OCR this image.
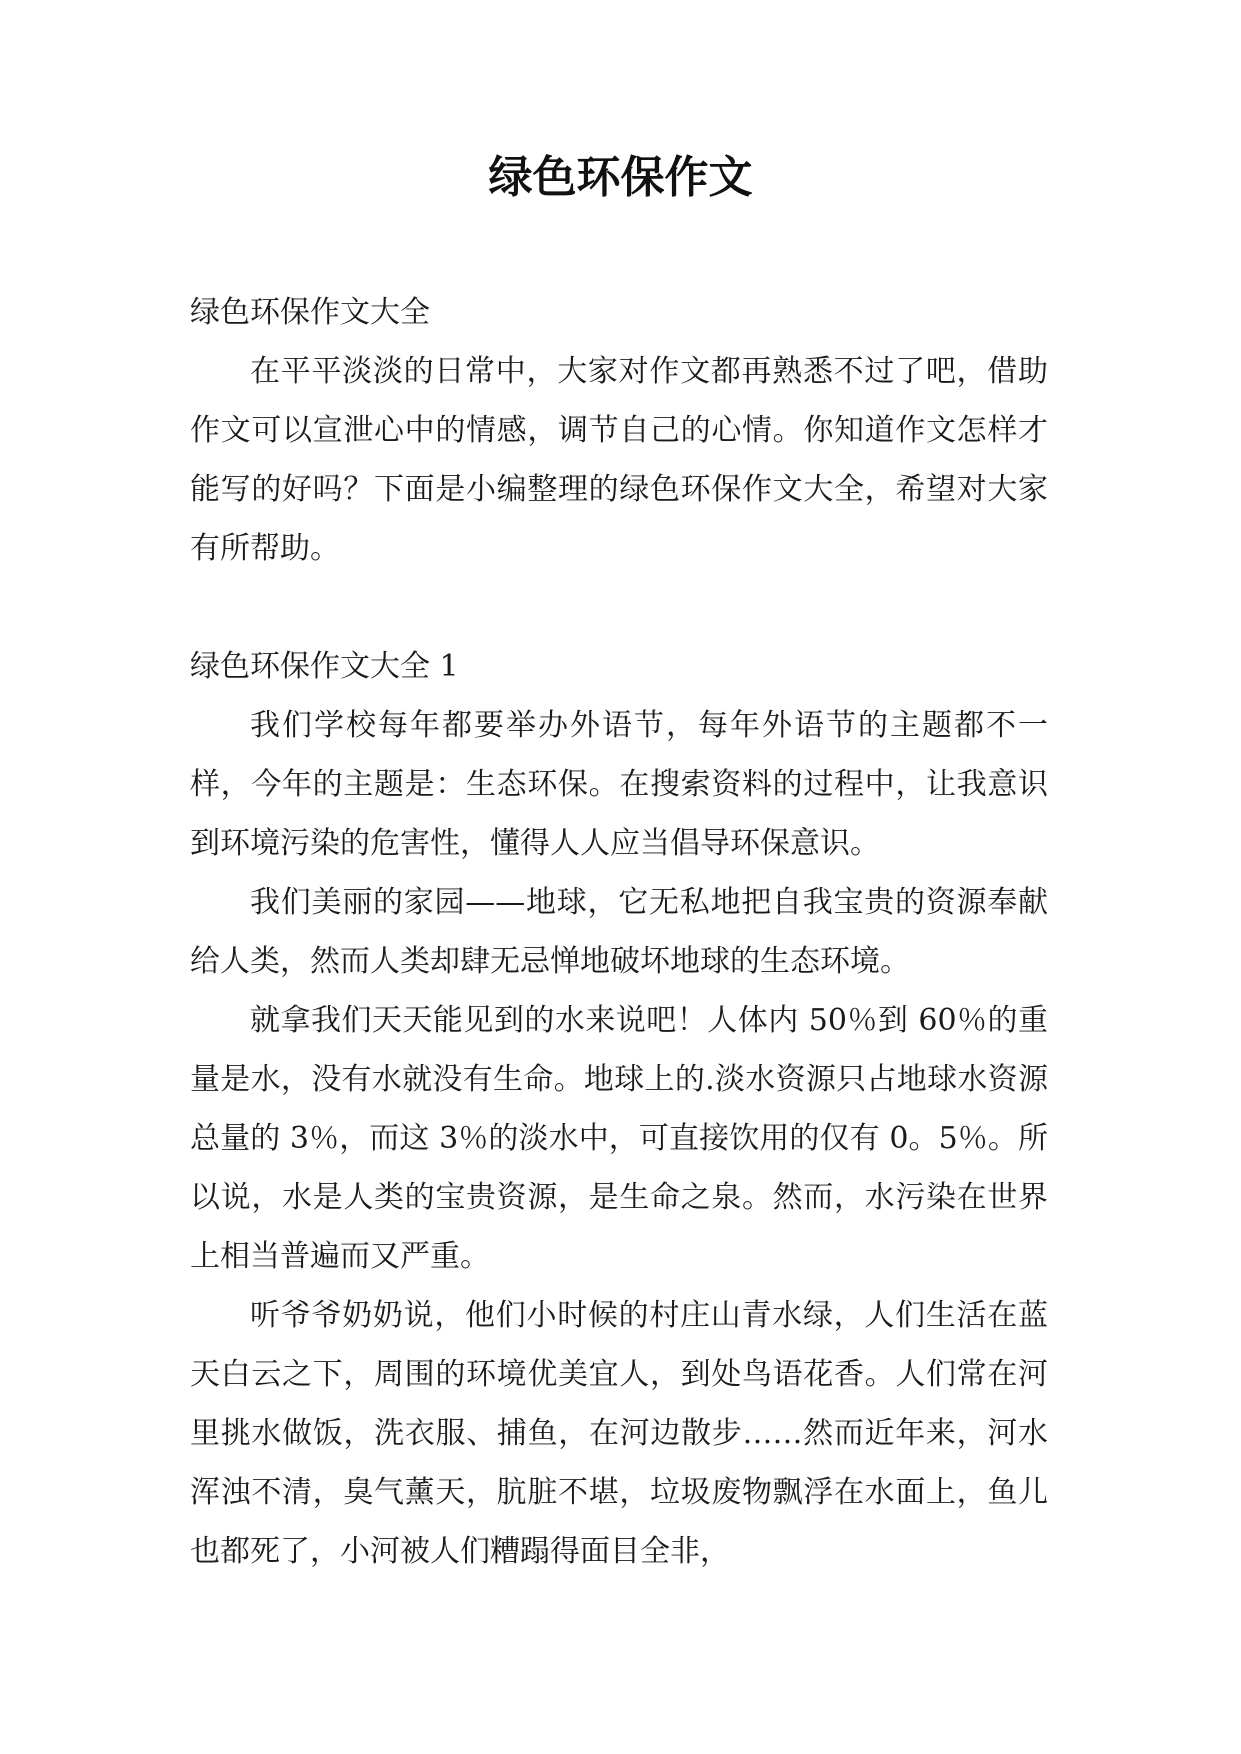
绿色环保作文

绿色环保作文大全

在平平淡淡的日常中，大家对作文都再熟悉不过了吧，借助作文可以宣泄心中的情感，调节自己的心情。你知道作文怎样才能写的好吗？下面是小编整理的绿色环保作文大全，希望对大家有所帮助。

绿色环保作文大全 1

我们学校每年都要举办外语节，每年外语节的主题都不一样，今年的主题是：生态环保。在搜索资料的过程中，让我意识到环境污染的危害性，懂得人人应当倡导环保意识。

我们美丽的家园——地球，它无私地把自我宝贵的资源奉献给人类，然而人类却肆无忌惮地破坏地球的生态环境。

就拿我们天天能见到的水来说吧！人体内 50％到 60％的重量是水，没有水就没有生命。地球上的.淡水资源只占地球水资源总量的 3％，而这 3％的淡水中，可直接饮用的仅有 0。5％。所以说，水是人类的宝贵资源，是生命之泉。然而，水污染在世界上相当普遍而又严重。

听爷爷奶奶说，他们小时候的村庄山青水绿，人们生活在蓝天白云之下，周围的环境优美宜人，到处鸟语花香。人们常在河里挑水做饭，洗衣服、捕鱼，在河边散步……然而近年来，河水浑浊不清，臭气薰天，肮脏不堪，垃圾废物飘浮在水面上，鱼儿也都死了，小河被人们糟蹋得面目全非，
